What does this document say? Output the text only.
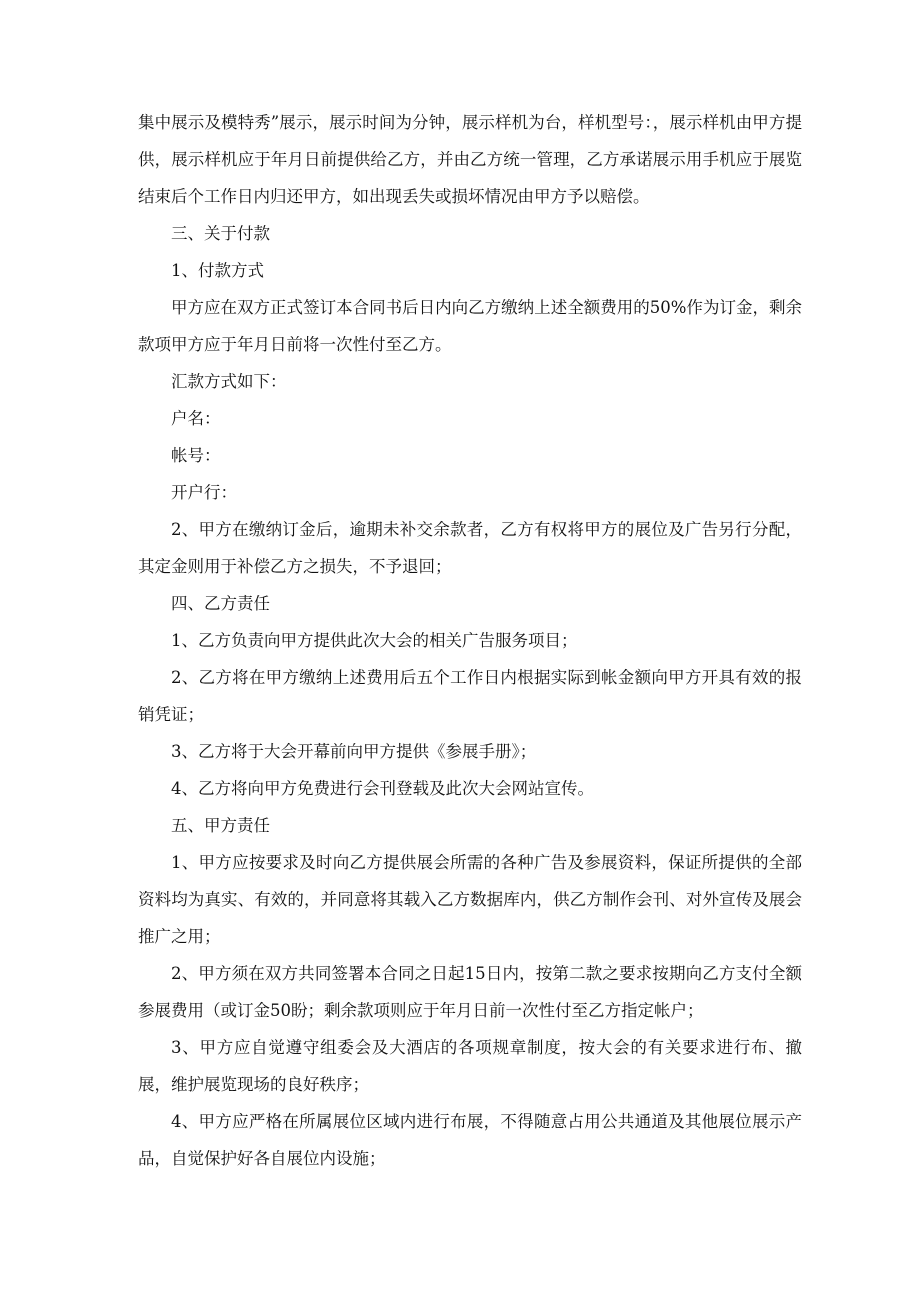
集中展示及模特秀”展示，展示时间为分钟，展示样机为台，样机型号：，展示样机由甲方提供，展示样机应于年月日前提供给乙方，并由乙方统一管理，乙方承诺展示用手机应于展览结束后个工作日内归还甲方，如出现丢失或损坏情况由甲方予以赔偿。

三、关于付款

1、付款方式

甲方应在双方正式签订本合同书后日内向乙方缴纳上述全额费用的50%作为订金，剩余款项甲方应于年月日前将一次性付至乙方。

汇款方式如下：

户名：

帐号：

开户行：

2、甲方在缴纳订金后，逾期未补交余款者，乙方有权将甲方的展位及广告另行分配，其定金则用于补偿乙方之损失，不予退回；

四、乙方责任

1、乙方负责向甲方提供此次大会的相关广告服务项目；

2、乙方将在甲方缴纳上述费用后五个工作日内根据实际到帐金额向甲方开具有效的报销凭证；

3、乙方将于大会开幕前向甲方提供《参展手册》；

4、乙方将向甲方免费进行会刊登载及此次大会网站宣传。

五、甲方责任

1、甲方应按要求及时向乙方提供展会所需的各种广告及参展资料，保证所提供的全部资料均为真实、有效的，并同意将其载入乙方数据库内，供乙方制作会刊、对外宣传及展会推广之用；

2、甲方须在双方共同签署本合同之日起15日内，按第二款之要求按期向乙方支付全额参展费用（或订金50盼；剩余款项则应于年月日前一次性付至乙方指定帐户；

3、甲方应自觉遵守组委会及大酒店的各项规章制度，按大会的有关要求进行布、撤展，维护展览现场的良好秩序；

4、甲方应严格在所属展位区域内进行布展，不得随意占用公共通道及其他展位展示产品，自觉保护好各自展位内设施；
